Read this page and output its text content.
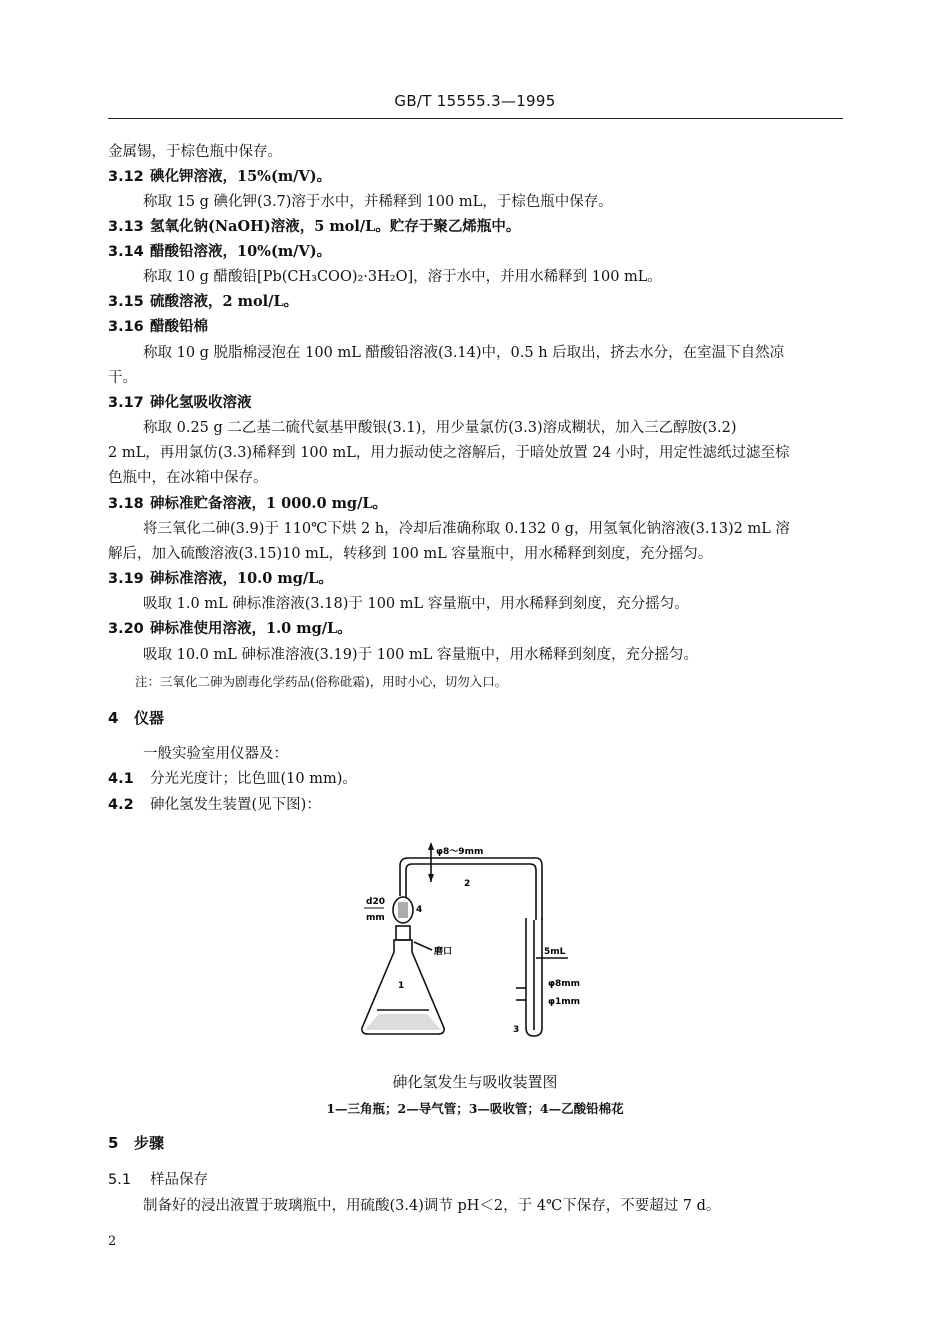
GB/T 15555.3—1995
金属锡，于棕色瓶中保存。
3.12 碘化钾溶液，15%(m/V)。
称取 15 g 碘化钾(3.7)溶于水中，并稀释到 100 mL，于棕色瓶中保存。
3.13 氢氧化钠(NaOH)溶液，5 mol/L。贮存于聚乙烯瓶中。
3.14 醋酸铅溶液，10%(m/V)。
称取 10 g 醋酸铅[Pb(CH₃COO)₂·3H₂O]，溶于水中，并用水稀释到 100 mL。
3.15 硫酸溶液，2 mol/L。
3.16 醋酸铅棉
称取 10 g 脱脂棉浸泡在 100 mL 醋酸铅溶液(3.14)中，0.5 h 后取出，挤去水分，在室温下自然凉
干。
3.17 砷化氢吸收溶液
称取 0.25 g 二乙基二硫代氨基甲酸银(3.1)，用少量氯仿(3.3)溶成糊状，加入三乙醇胺(3.2)
2 mL，再用氯仿(3.3)稀释到 100 mL，用力振动使之溶解后，于暗处放置 24 小时，用定性滤纸过滤至棕
色瓶中，在冰箱中保存。
3.18 砷标准贮备溶液，1 000.0 mg/L。
将三氧化二砷(3.9)于 110℃下烘 2 h，冷却后准确称取 0.132 0 g，用氢氧化钠溶液(3.13)2 mL 溶
解后，加入硫酸溶液(3.15)10 mL，转移到 100 mL 容量瓶中，用水稀释到刻度，充分摇匀。
3.19 砷标准溶液，10.0 mg/L。
吸取 1.0 mL 砷标准溶液(3.18)于 100 mL 容量瓶中，用水稀释到刻度，充分摇匀。
3.20 砷标准使用溶液，1.0 mg/L。
吸取 10.0 mL 砷标准溶液(3.19)于 100 mL 容量瓶中，用水稀释到刻度，充分摇匀。
注：三氧化二砷为剧毒化学药品(俗称砒霜)，用时小心，切勿入口。
4 仪器
一般实验室用仪器及：
4.1 分光光度计；比色皿(10 mm)。
4.2 砷化氢发生装置(见下图)：
φ8～9mm
2
d20
mm
4
磨口
1
5mL
φ8mm
φ1mm
3
砷化氢发生与吸收装置图
1—三角瓶；2—导气管；3—吸收管；4—乙酸铅棉花
5 步骤
5.1 样品保存
制备好的浸出液置于玻璃瓶中，用硫酸(3.4)调节 pH＜2，于 4℃下保存，不要超过 7 d。
2
